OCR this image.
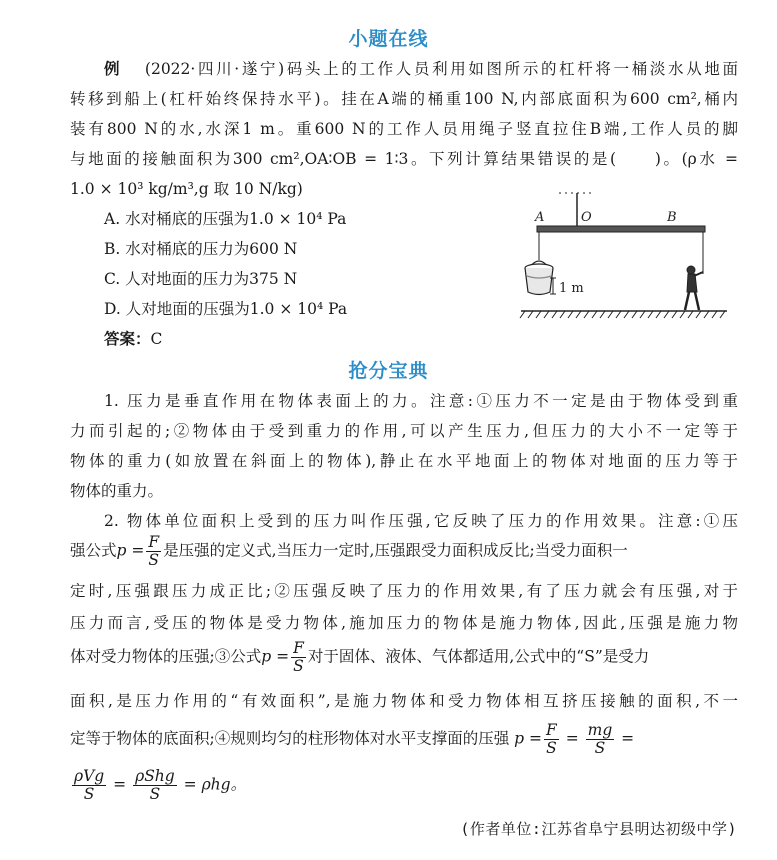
小题在线
例 (2022·四川·遂宁)码头上的工作人员利用如图所示的杠杆将一桶淡水从地面
转移到船上(杠杆始终保持水平)。挂在A端的桶重100 N,内部底面积为600 cm²,桶内
装有800 N的水,水深1 m。重600 N的工作人员用绳子竖直拉住B端,工作人员的脚
与地面的接触面积为300 cm²,OA∶OB = 1∶3。下列计算结果错误的是(　　)。(ρ水 =
1.0 × 10³ kg/m³,g 取 10 N/kg)
A. 水对桶底的压强为1.0 × 10⁴ Pa
B. 水对桶底的压力为600 N
C. 人对地面的压力为375 N
D. 人对地面的压强为1.0 × 10⁴ Pa
答案：C
A	O	B
1 m
抢分宝典
1. 压力是垂直作用在物体表面上的力。注意:①压力不一定是由于物体受到重
力而引起的;②物体由于受到重力的作用,可以产生压力,但压力的大小不一定等于
物体的重力(如放置在斜面上的物体),静止在水平地面上的物体对地面的压力等于
物体的重力。
2. 物体单位面积上受到的压力叫作压强,它反映了压力的作用效果。注意:①压
强公式$p = \frac{F}{S}$ 是压强的定义式,当压力一定时,压强跟受力面积成反比;当受力面积一
定时,压强跟压力成正比;②压强反映了压力的作用效果,有了压力就会有压强,对于
压力而言,受压的物体是受力物体,施加压力的物体是施力物体,因此,压强是施力物
体对受力物体的压强;③公式$p = \frac{F}{S}$ 对于固体、液体、气体都适用,公式中的“S”是受力
面积,是压力作用的“有效面积”,是施力物体和受力物体相互挤压接触的面积,不一
定等于物体的底面积;④规则均匀的柱形物体对水平支撑面的压强 $p = \frac{F}{S} = \frac{mg}{S}$ =
$\frac{\text{ρVg}}{S} = \frac{\text{ρShg}}{S} = \rho hg$。
(作者单位:江苏省阜宁县明达初级中学)
